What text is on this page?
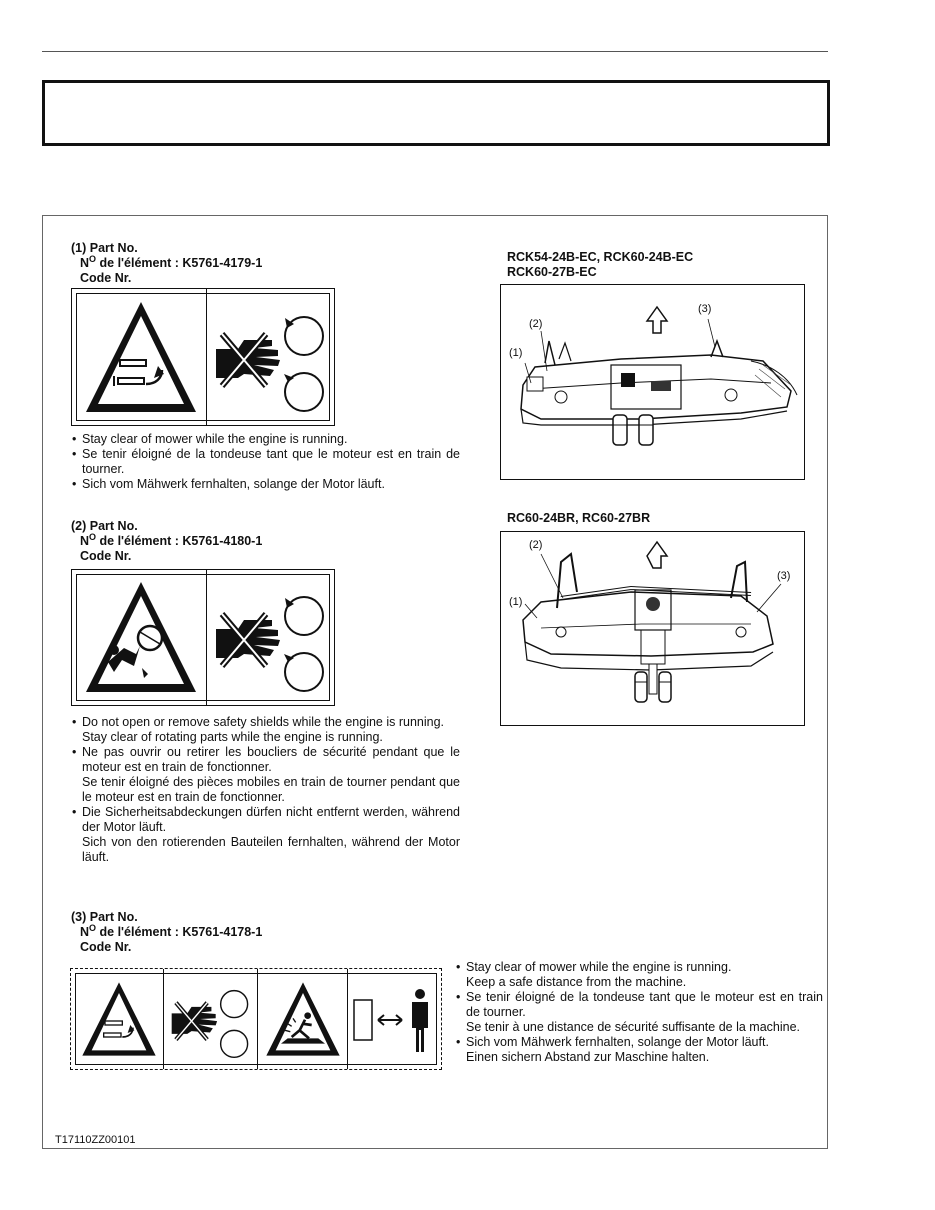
(1) Part No.
$N^O$ de l'élément : K5761-4179-1
Code Nr.
• Stay clear of mower while the engine is running.
• Se tenir éloigné de la tondeuse tant que le moteur est en train de tourner.
• Sich vom Mähwerk fernhalten, solange der Motor läuft.
(2) Part No.
$N^O$ de l'élément : K5761-4180-1
Code Nr.
• Do not open or remove safety shields while the engine is running.
Stay clear of rotating parts while the engine is running.
• Ne pas ouvrir ou retirer les boucliers de sécurité pendant que le moteur est en train de fonctionner.
Se tenir éloigné des pièces mobiles en train de tourner pendant que le moteur est en train de fonctionner.
• Die Sicherheitsabdeckungen dürfen nicht entfernt werden, während der Motor läuft.
Sich von den rotierenden Bauteilen fernhalten, während der Motor läuft.
(3) Part No.
$N^O$ de l'élément : K5761-4178-1
Code Nr.
• Stay clear of mower while the engine is running.
Keep a safe distance from the machine.
• Se tenir éloigné de la tondeuse tant que le moteur est en train de tourner.
Se tenir à une distance de sécurité suffisante de la machine.
• Sich vom Mähwerk fernhalten, solange der Motor läuft.
Einen sichern Abstand zur Maschine halten.
RCK54-24B-EC, RCK60-24B-EC
RCK60-27B-EC
(1)
(2)
(3)
RC60-24BR, RC60-27BR
(1)
(2)
(3)
T17110ZZ00101
